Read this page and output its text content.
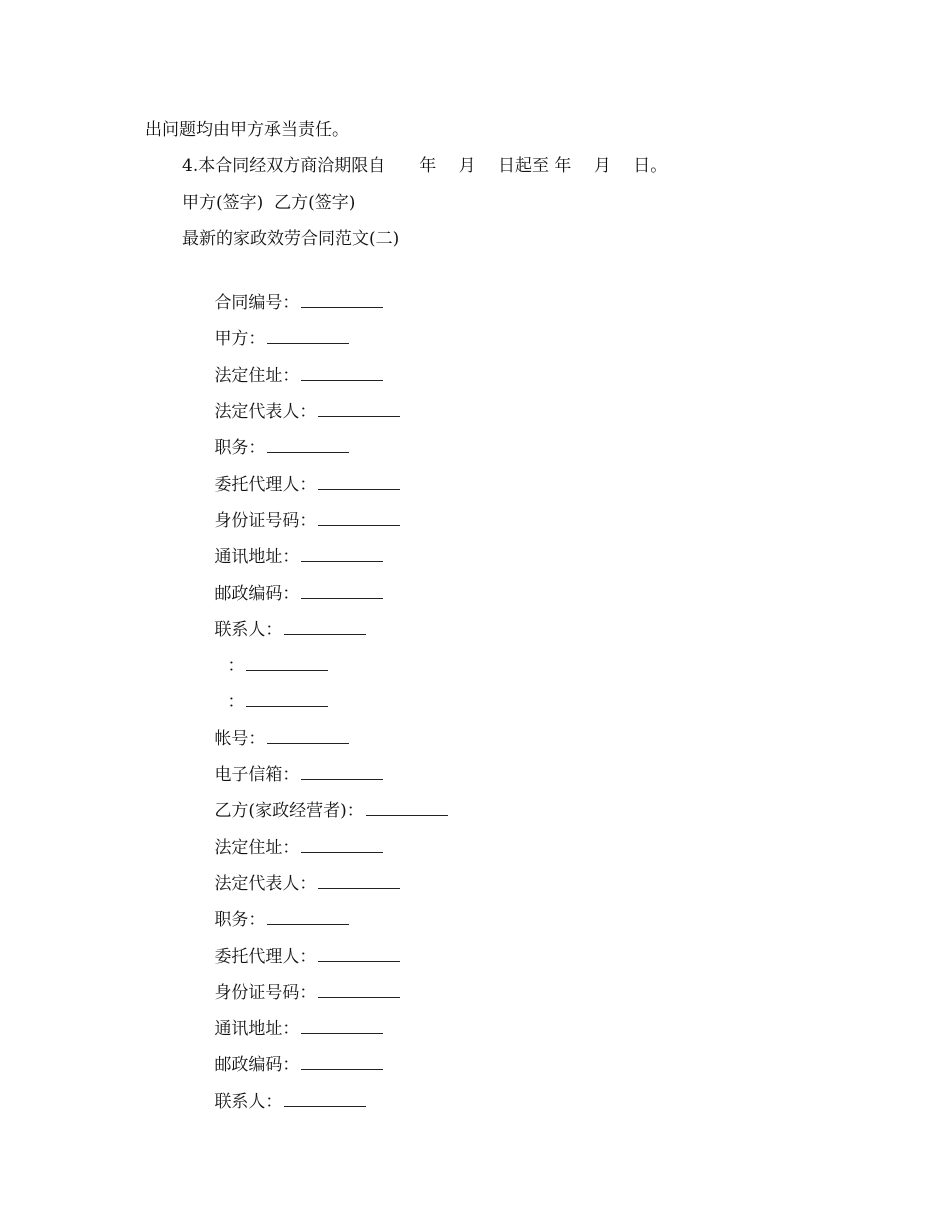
出问题均由甲方承当责任。
4.本合同经双方商洽期限自　　年　 月　 日起至 年 　月 　日。
甲方(签字)  乙方(签字)
最新的家政效劳合同范文(二)

合同编号：

甲方：

法定住址：

法定代表人：

职务：

委托代理人：

身份证号码：

通讯地址：

邮政编码：

联系人：

：

：

帐号：

电子信箱：

乙方(家政经营者)：

法定住址：

法定代表人：

职务：

委托代理人：

身份证号码：

通讯地址：

邮政编码：

联系人：
